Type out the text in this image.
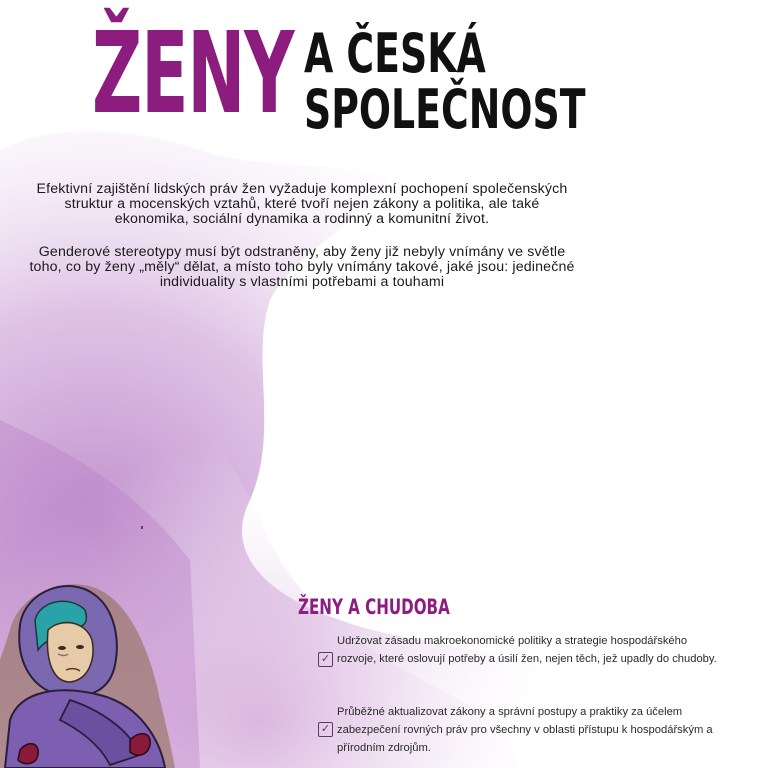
ŽENY A ČESKÁ
SPOLEČNOST

Efektivní zajištění lidských práv žen vyžaduje komplexní pochopení společenských struktur a mocenských vztahů, které tvoří nejen zákony a politika, ale také ekonomika, sociální dynamika a rodinný a komunitní život.

Genderové stereotypy musí být odstraněny, aby ženy již nebyly vnímány ve světle toho, co by ženy „měly“ dělat, a místo toho byly vnímány takové, jaké jsou: jedinečné individuality s vlastními potřebami a touhami

ŽENY A CHUDOBA
✓
Udržovat zásadu makroekonomické politiky a strategie hospodářského rozvoje, které oslovují potřeby a úsilí žen, nejen těch, jež upadly do chudoby.
✓
Průběžné aktualizovat zákony a správní postupy a praktiky za účelem zabezpečení rovných práv pro všechny v oblasti přístupu k hospodářským a přírodním zdrojům.
